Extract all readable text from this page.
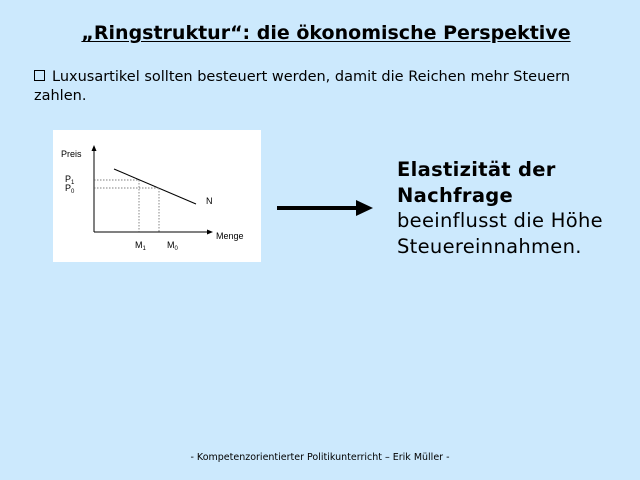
„Ringstruktur“: die ökonomische Perspektive
Luxusartikel sollten besteuert werden, damit die Reichen mehr Steuern zahlen.
Preis
Menge
N
$P_1$
$P_0$
$M_1$ $M_0$
Elastizität der Nachfrage
beeinflusst die Höhe Steuereinnahmen.
- Kompetenzorientierter Politikunterricht – Erik Müller -
